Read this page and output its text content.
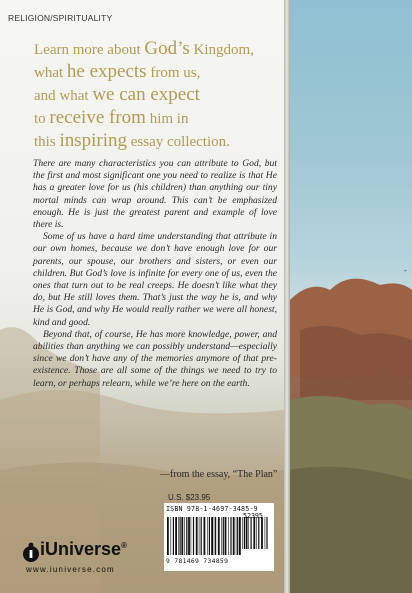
-
RELIGION/SPIRITUALITY
Learn more about God’s Kingdom,
what he expects from us,
and what we can expect
to receive from him in
this inspiring essay collection.

There are many characteristics you can attribute to God, but the first and most significant one you need to realize is that He has a greater love for us (his children) than anything our tiny mortal minds can wrap around. This can’t be emphasized enough. He is just the greatest parent and example of love there is.

Some of us have a hard time understanding that attribute in our own homes, because we don’t have enough love for our parents, our spouse, our brothers and sisters, or even our children. But God’s love is infinite for every one of us, even the ones that turn out to be real creeps. He doesn’t like what they do, but He still loves them. That’s just the way he is, and why He is God, and why He would really rather we were all honest, kind and good.

Beyond that, of course, He has more knowledge, power, and abilities than anything we can possibly understand—especially since we don’t have any of the memories anymore of that pre-existence. Those are all some of the things we need to try to learn, or perhaps relearn, while we’re here on the earth.

—from the essay, “The Plan”
U.S. $23.95
ISBN 978-1-4697-3485-9
52395
9 781469 734859
iUniverse®
www.iuniverse.com
